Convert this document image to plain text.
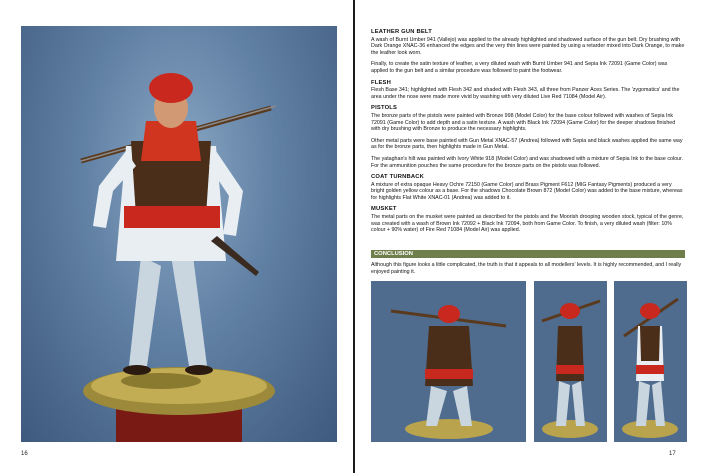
16
LEATHER GUN BELT

A wash of Burnt Umber 941 (Vallejo) was applied to the already highlighted and shadowed surface of the gun belt. Dry brushing with Dark Orange XNAC-36 enhanced the edges and the very thin lines were painted by using a retarder mixed into Dark Orange, to make the leather look worn.

Finally, to create the satin texture of leather, a very diluted wash with Burnt Umber 941 and Sepia Ink 72091 (Game Color) was applied to the gun belt and a similar procedure was followed to paint the footwear.

FLESH

Flesh Base 341; highlighted with Flesh 342 and shaded with Flesh 343, all three from Panzer Aces Series. The 'zygomatics' and the area under the nose were made more vivid by washing with very diluted Live Red 71084 (Model Air).

PISTOLS

The bronze parts of the pistols were painted with Bronze 998 (Model Color) for the base colour followed with washes of Sepia Ink 72091 (Game Color) to add depth and a satin texture. A wash with Black Ink 72094 (Game Color) for the deeper shadows finished with dry brushing with Bronze to produce the necessary highlights.

Other metal parts were base painted with Gun Metal XNAC-57 (Andrea) followed with Sepia and black washes applied the same way as for the bronze parts, then highlights made in Gun Metal.

The yataghan's hilt was painted with Ivory White 918 (Model Color) and was shadowed with a mixture of Sepia Ink to the base colour. For the ammunition pouches the same procedure for the bronze parts on the pistols was followed.

COAT TURNBACK

A mixture of extra opaque Heavy Ochre 72150 (Game Color) and Brass Pigment F612 (MIG Fantasy Pigments) produced a very bright golden yellow colour as a base. For the shadows Chocolate Brown 872 (Model Color) was added to the base mixture, whereas for highlights Flat White XNAC-01 (Andrea) was added to it.

MUSKET

The metal parts on the musket were painted as described for the pistols and the Moorish drooping wooden stock, typical of the genre, was created with a wash of Brown Ink 72092 + Black Ink 72094, both from Game Color. To finish, a very diluted wash (filter: 10% colour + 90% water) of Fire Red 71084 (Model Air) was applied.

CONCLUSION
Although this figure looks a little complicated, the truth is that it appeals to all modellers' levels. It is highly recommended, and I really enjoyed painting it.
17
